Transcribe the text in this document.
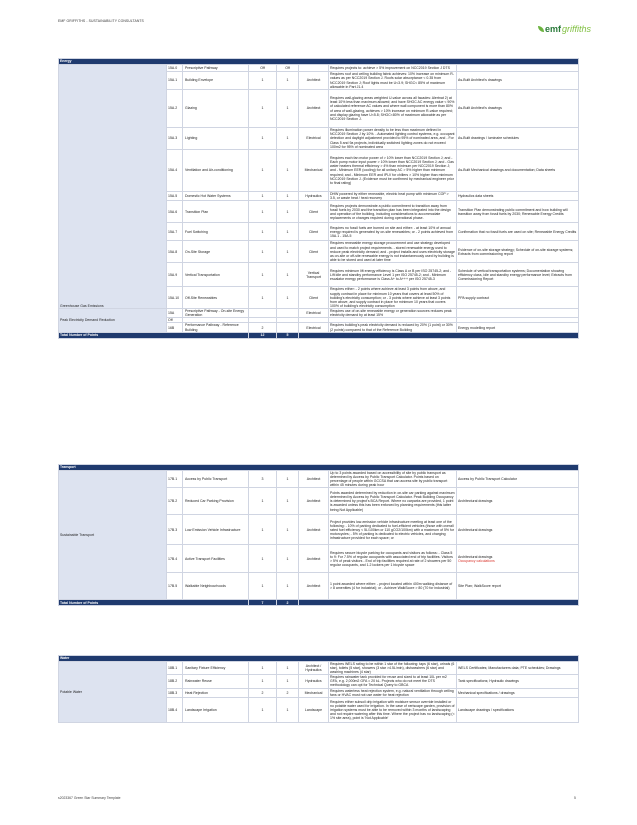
EMF GRIFFITHS - SUSTAINABILITY CONSULTANTS
emf griffiths
Energy							
Greenhouse Gas Emissions	15A.0	Prescriptive Pathway	Off	Off		Requires projects to: achieve > 5% improvement on NCC2019 Section J DTS	
	15A.1	Building Envelope	1	1	Architect	Requires roof and ceiling building fabric achieves: 10% increase on minimum R-values as per NCC2019 Section J. Roofs solar absorptance < 0.35 from NCC2019 Section J; Roof lights must be U<3.9; SHGC< 85% of maximum allowable in Part J1.4	As-Built Architect's drawings
	15A.2	Glazing	1	1	Architect	Requires wall-glazing areas weighted U-value across all facades: Alertnat 2) at least 10% less than maximum allowed; and have SHGC AC energy value < 90% of calculated reference AC values and where wall component is more than 80% of area of wall-glazing, achieves > 10% increase on minimum R-value required; and display glazing have U<5.8; SHGC<80% of maximum allowable as per NCC2019 Section J.	As-Built Architect's drawings
	15A.3	Lighting	1	1	Electrical	Requires illumination power density to be less than maximum defined in NCC2019 Section J by 10%. - Automated lighting control systems, e.g. occupant detection and daylight adjustment provided to 95% of nominated area, and - For Class 5 and 9a projects, individually switched lighting zones do not exceed 100m2 for 95% of nominated area	As-Built drawings / luminaire schedules
	15A.4	Ventilation and Air-conditioning	1	1	Mechanical	Requires each fan motor power of > 10% lower than NCC2019 Section J; and - Each pump motor input power > 10% lower than NCC2019 Section J; and - Gas water heaters thermal efficiency > 4% than minimum per NCC2019 Section J; and - Minimum EER (cooling) for all unitary AC > 5% higher than minimum required; and - Minimum EER and IPLV for chillers > 10% higher than minimum NCC2019 Section J. (Evidence must be confirmed by mechanical engineer prior to final rating)	As-Built Mechanical drawings and documentation; Data sheets
	15A.5	Domestic Hot Water Systems	1	1	Hydraulics	DHW powered by either renewable, electric heat pump with minimum COP > 3.5, or waste heat / heat recovery	Hydraulics data sheets
	15A.6	Transition Plan	1	1	Client	Requires projects demonstrate a public commitment to transition away from fossil fuels by 2030 and the transition plan has been integrated into the design and operation of the building, including considerations to accommodate replacements or changes required during operational phase.	Transition Plan demonstrating public commitment and how building will transition away from fossil fuels by 2030; Renewable Energy Credits
	15A.7	Fuel Switching	1	1	Client	Requires no fossil fuels are burned on site and either: - at least 10% of annual energy required is generated by on-site renewables; or - 2 points achieved from 15A.1 - 15A.5	Confirmation that no fossil fuels are used on site; Renewable Energy Credits
	15A.8	On-Site Storage	1	1	Client	Requires renewable energy storage procurement and use strategy developed and used to match project requirements. - stored renewable energy used to reduce peak electricity demand; and - project installs and uses electricity storage as on-site or off-site renewable energy is not instantaneously used by building is able to be stored and used at later time	Evidence of on-site storage strategy; Schedule of on-site storage systems; Extracts from commissioning report
	15A.9	Vertical Transportation	1	1	Vertical Transport	Requires minimum lift energy efficiency is Class A or B per ISO 25745-2; and - Lift idle and standby performance Level 1 per ISO 25745-2; and - Minimum escalator energy performance is Class A+ to A+++ per ISO 25745-3	Schedule of vertical transportation systems; Documentation showing efficiency class, idle and standby energy performance level; Extracts from Commissioning Report
	15A.10	Off-Site Renewables	1	1	Client	Requires either: - 2 points where achieve at least 3 points from above, and supply contract in place for minimum 10 years that covers at least 50% of building's electricity consumption; or - 3 points where achieve at least 3 points from above, and supply contract in place for minimum 10 years that covers 100% of building's electricity consumption	PPA supply contract
Peak Electricity Demand Reduction	15A	Prescriptive Pathway - On-site Energy Generation			Electrical	Requires use of on-site renewable energy or generation sources reduces peak electricity demand by at least 15%	
	Off						
	16B	Performance Pathway - Reference Building	2		Electrical	Requires building's peak electricity demand is reduced by 20% (1 point) or 30% (2 points) compared to that of the Reference Building	Energy modelling report
Total Number of Points			12	5			
Transport							
Sustainable Transport	17B.1	Access by Public Transport	3	1	Architect	Up to 3 points awarded based on accessibility of site by public transport as determined by Access by Public Transport Calculator. Points based on percentage of people within GCCSA that can access site by public transport within 45 minutes during peak hour	Access by Public Transport Calculator
	17B.2	Reduced Car Parking Provision	1	1	Architect	Points awarded determined by reduction in on-site car parking against maximum determined by Access by Public Transport Calculator. Peak Building Occupancy is determined by project's BCA Report. Where no carparks are provided, 1 point is awarded unless this has been enforced by planning requirements (this latter being Not Applicable)	Architectural drawings
	17B.3	Low Emission Vehicle Infrastructure	1	1	Architect	Project provides low-emission vehicle infrastructure meeting at least one of the following: - 10% of parking dedicated to fuel-efficient vehicles (those with overall rated fuel efficiency < 5L/100km or 110 gCO2/100km) with a maximum of 5% for motorcycles; - 5% of parking is dedicated to electric vehicles, and charging infrastructure provided for each space; or	Architectural drawings
	17B.4	Active Transport Facilities	1	1	Architect	Requires secure bicycle parking for occupants and visitors as follows: - Class 5 to 9: For 7.5% of regular occupants with associated end of trip facilities. Visitors > 5% of peak visitors - End of trip facilities required at rate of 2 showers per 50 regular occupants, and 1.2 lockers per 1 bicycle space	Architectural drawings
Occupancy calculations
	17B.5	Walkable Neighbourhoods	1	1	Architect	1 point awarded where either: - project located within 400m walking distance of > 8 amenities (4 for industrial); or - Achieve WalkScore > 80 (70 for industrial)	Site Plan; WalkScore report
Total Number of Points			7	2			
Water							
Potable Water	18B.1	Sanitary Fixture Efficiency	1	1	Architect / Hydraulics	Requires WELS rating to be within 1 star of the following: taps (6 star), urinals (6 star), toilets (5 star), showers (3 star >4.5L/min), dishwashers (6 star) and washing machines (4 star)	WELS Certificates; Manufacturers data; PTE schedules; Drawings
	18B.2	Rainwater Reuse	1	1	Hydraulics	Requires rainwater tank provided for reuse and sized to at least 10L per m2 GFA, e.g. 2,000m2 GFA = 20 kL. Projects who do not meet the DTS methodology can opt for Technical Query to GBCA	Tank specifications; Hydraulic drawings
	18B.3	Heat Rejection	2	2	Mechanical	Requires waterless heat rejection system, e.g. natural ventilation through ceiling fans or HVAC must not use water for heat rejection	Mechanical specifications / drawings
	18B.4	Landscape Irrigation	1	1	Landscape	Requires either subsoil drip irrigation with moisture sensor override installed or no potable water used for irrigation. In the case of xeriscape garden, provision of irrigation systems must be able to be removed within 3 months of landscaping and not require watering after this time. Where the project has no landscaping (< 1% site area), point is 'Not Applicable'	Landscape drawings / specifications
s2023367 Green Star Summary Template	5
